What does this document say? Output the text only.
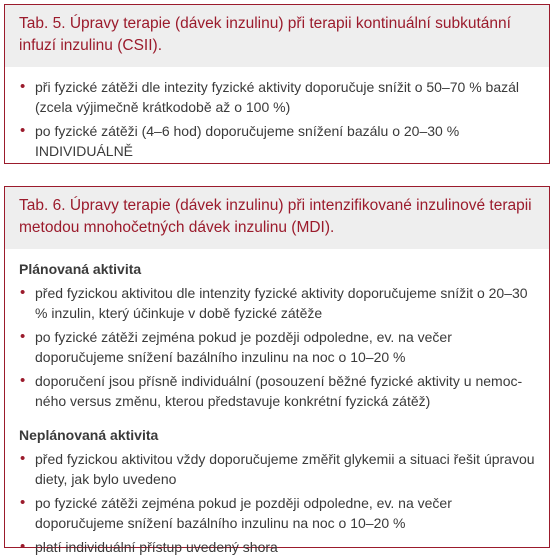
Tab. 5. Úpravy terapie (dávek inzulinu) při terapii kontinuální subkutánní infuzí inzulinu (CSII).
• při fyzické zátěži dle intezity fyzické aktivity doporučuje snížit o 50–70 % bazál (zcela výjimečně krátkodobě až o 100 %)
• po fyzické zátěži (4–6 hod) doporučujeme snížení bazálu o 20–30 % INDIVIDUÁLNĚ
Tab. 6. Úpravy terapie (dávek inzulinu) při intenzifikované inzulinové terapii metodou mnohočetných dávek inzulinu (MDI).
Plánovaná aktivita
• před fyzickou aktivitou dle intenzity fyzické aktivity doporučujeme snížit o 20–30 % inzulin, který účinkuje v době fyzické zátěže
• po fyzické zátěži zejména pokud je později odpoledne, ev. na večer doporučujeme snížení bazálního inzulinu na noc o 10–20 %
• doporučení jsou přísně individuální (posouzení běžné fyzické aktivity u nemocného versus změnu, kterou představuje konkrétní fyzická zátěž)
Neplánovaná aktivita
• před fyzickou aktivitou vždy doporučujeme změřit glykemii a situaci řešit úpravou diety, jak bylo uvedeno
• po fyzické zátěži zejména pokud je později odpoledne, ev. na večer doporučujeme snížení bazálního inzulinu na noc o 10–20 %
• platí individuální přístup uvedený shora
